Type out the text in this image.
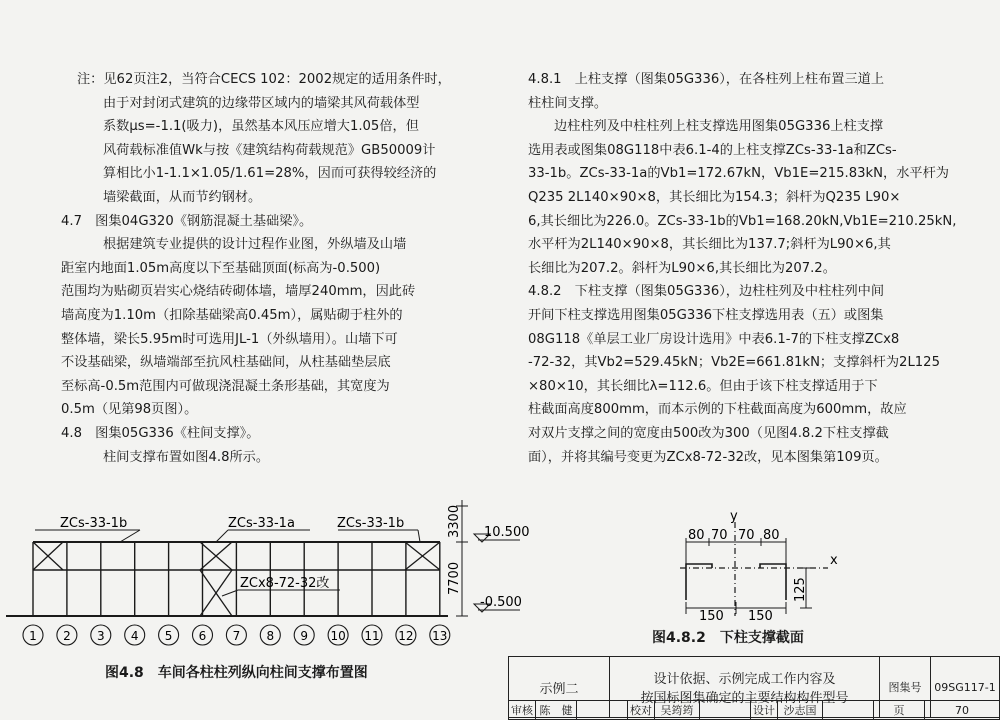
注：见62页注2，当符合CECS 102：2002规定的适用条件时，

由于对封闭式建筑的边缘带区域内的墙梁其风荷载体型

系数μs=-1.1(吸力)，虽然基本风压应增大1.05倍，但

风荷载标准值Wk与按《建筑结构荷载规范》GB50009计

算相比小1-1.1×1.05/1.61=28%，因而可获得较经济的

墙梁截面，从而节约钢材。

4.7　图集04G320《钢筋混凝土基础梁》。

根据建筑专业提供的设计过程作业图，外纵墙及山墙

距室内地面1.05m高度以下至基础顶面(标高为-0.500)

范围均为贴砌页岩实心烧结砖砌体墙，墙厚240mm，因此砖

墙高度为1.10m（扣除基础梁高0.45m），属贴砌于柱外的

整体墙，梁长5.95m时可选用JL-1（外纵墙用）。山墙下可

不设基础梁，纵墙端部至抗风柱基础间，从柱基础垫层底

至标高-0.5m范围内可做现浇混凝土条形基础，其宽度为

0.5m（见第98页图）。

4.8　图集05G336《柱间支撑》。

柱间支撑布置如图4.8所示。

4.8.1　上柱支撑（图集05G336），在各柱列上柱布置三道上

柱柱间支撑。

边柱柱列及中柱柱列上柱支撑选用图集05G336上柱支撑

选用表或图集08G118中表6.1-4的上柱支撑ZCs-33-1a和ZCs-

33-1b。ZCs-33-1a的Vb1=172.67kN，Vb1E=215.83kN，水平杆为

Q235 2L140×90×8，其长细比为154.3；斜杆为Q235 L90×

6,其长细比为226.0。ZCs-33-1b的Vb1=168.20kN,Vb1E=210.25kN,

水平杆为2L140×90×8，其长细比为137.7;斜杆为L90×6,其

长细比为207.2。斜杆为L90×6,其长细比为207.2。

4.8.2　下柱支撑（图集05G336），边柱柱列及中柱柱列中间

开间下柱支撑选用图集05G336下柱支撑选用表（五）或图集

08G118《单层工业厂房设计选用》中表6.1-7的下柱支撑ZCx8

-72-32，其Vb2=529.45kN；Vb2E=661.81kN；支撑斜杆为2L125

×80×10，其长细比λ=112.6。但由于该下柱支撑适用于下

柱截面高度800mm，而本示例的下柱截面高度为600mm，故应

对双片支撑之间的宽度由500改为300（见图4.8.2下柱支撑截

面），并将其编号变更为ZCx8-72-32改，见本图集第109页。

ZCs-33-1b	ZCs-33-1a	ZCs-33-1b
ZCx8-72-32改
3300
7700
10.500
-0.500
1 2 3 4 5 6 7 8 9 10 11 12 13
图4.8　车间各柱柱列纵向柱间支撑布置图
y
x
80 70 70 80
150 150
125
图4.8.2　下柱支撑截面
示例二	
设计依据、示例完成工作内容及
按国标图集确定的主要结构构件型号
	图集号	09SG117-1
审核	陈　健		校对	吴筠筠		设计	沙志国		页	70
